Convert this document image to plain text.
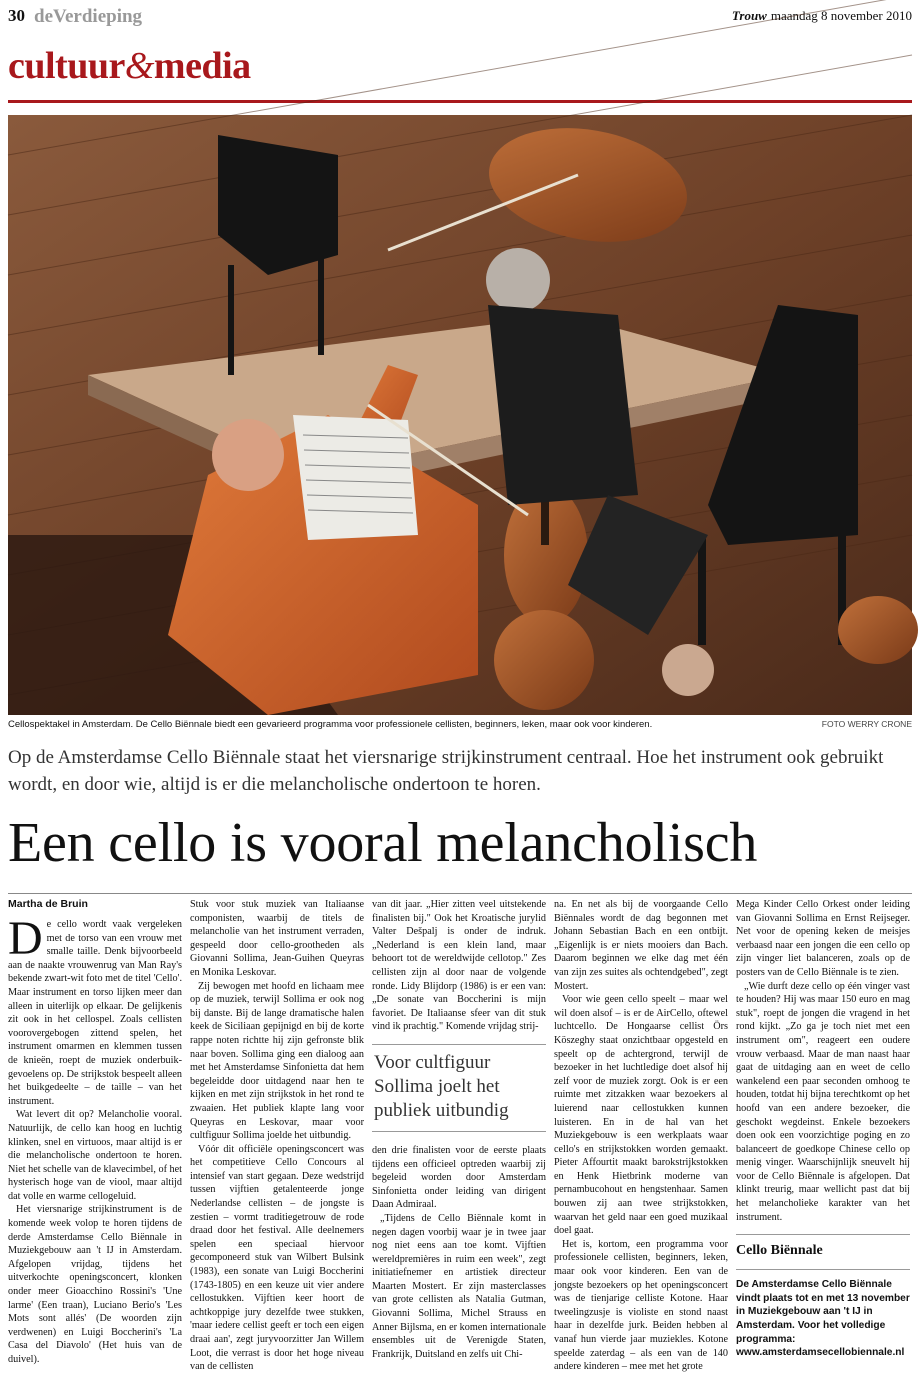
30 deVerdieping	Trouw maandag 8 november 2010
cultuur&media
Cellospektakel in Amsterdam. De Cello Biënnale biedt een gevarieerd programma voor professionele cellisten, beginners, leken, maar ook voor kinderen.	FOTO WERRY CRONE
Op de Amsterdamse Cello Biënnale staat het viersnarige strijkinstrument centraal. Hoe het instrument ook gebruikt wordt, en door wie, altijd is er die melancholische ondertoon te horen.
Een cello is vooral melancholisch
Martha de Bruin

De cello wordt vaak vergeleken met de torso van een vrouw met smalle taille. Denk bijvoorbeeld aan de naakte vrouwenrug van Man Ray's bekende zwart-wit foto met de titel 'Cello'. Maar instrument en torso lijken meer dan alleen in uiterlijk op elkaar. De gelijkenis zit ook in het cellospel. Zoals cellisten voorovergebogen zittend spelen, het instrument omarmen en klemmen tussen de knieën, roept de muziek onderbuikgevoelens op. De strijkstok bespeelt alleen het buikgedeelte – de taille – van het instrument.

Wat levert dit op? Melancholie vooral. Natuurlijk, de cello kan hoog en luchtig klinken, snel en virtuoos, maar altijd is er die melancholische ondertoon te horen. Niet het schelle van de klavecimbel, of het hysterisch hoge van de viool, maar altijd dat volle en warme cellogeluid.

Het viersnarige strijkinstrument is de komende week volop te horen tijdens de derde Amsterdamse Cello Biënnale in Muziekgebouw aan 't IJ in Amsterdam. Afgelopen vrijdag, tijdens het uitverkochte openingsconcert, klonken onder meer Gioacchino Rossini's 'Une larme' (Een traan), Luciano Berio's 'Les Mots sont allés' (De woorden zijn verdwenen) en Luigi Boccherini's 'La Casa del Diavolo' (Het huis van de duivel).

Stuk voor stuk muziek van Italiaanse componisten, waarbij de titels de melancholie van het instrument verraden, gespeeld door cello-grootheden als Giovanni Sollima, Jean-Guihen Queyras en Monika Leskovar.

Zij bewogen met hoofd en lichaam mee op de muziek, terwijl Sollima er ook nog bij danste. Bij de lange dramatische halen keek de Siciliaan gepijnigd en bij de korte rappe noten richtte hij zijn gefronste blik naar boven. Sollima ging een dialoog aan met het Amsterdamse Sinfonietta dat hem begeleidde door uitdagend naar hen te kijken en met zijn strijkstok in het rond te zwaaien. Het publiek klapte lang voor Queyras en Leskovar, maar voor cultfiguur Sollima joelde het uitbundig.

Vóór dit officiële openingsconcert was het competitieve Cello Concours al intensief van start gegaan. Deze wedstrijd tussen vijftien getalenteerde jonge Nederlandse cellisten – de jongste is zestien – vormt traditiegetrouw de rode draad door het festival. Alle deelnemers spelen een speciaal hiervoor gecomponeerd stuk van Wilbert Bulsink (1983), een sonate van Luigi Boccherini (1743-1805) en een keuze uit vier andere cellostukken. Vijftien keer hoort de achtkoppige jury dezelfde twee stukken, 'maar iedere cellist geeft er toch een eigen draai aan', zegt juryvoorzitter Jan Willem Loot, die verrast is door het hoge niveau van de cellisten

van dit jaar. „Hier zitten veel uitstekende finalisten bij." Ook het Kroatische jurylid Valter Dešpalj is onder de indruk. „Nederland is een klein land, maar behoort tot de wereldwijde cellotop." Zes cellisten zijn al door naar de volgende ronde. Lidy Blijdorp (1986) is er een van: „De sonate van Boccherini is mijn favoriet. De Italiaanse sfeer van dit stuk vind ik prachtig." Komende vrijdag strij-

Voor cultfiguur Sollima joelt het publiek uitbundig

den drie finalisten voor de eerste plaats tijdens een officieel optreden waarbij zij begeleid worden door Amsterdam Sinfonietta onder leiding van dirigent Daan Admiraal.

„Tijdens de Cello Biënnale komt in negen dagen voorbij waar je in twee jaar nog niet eens aan toe komt. Vijftien wereldpremières in ruim een week", zegt initiatiefnemer en artistiek directeur Maarten Mostert. Er zijn masterclasses van grote cellisten als Natalia Gutman, Giovanni Sollima, Michel Strauss en Anner Bijlsma, en er komen internationale ensembles uit de Verenigde Staten, Frankrijk, Duitsland en zelfs uit Chi-

na. En net als bij de voorgaande Cello Biënnales wordt de dag begonnen met Johann Sebastian Bach en een ontbijt. „Eigenlijk is er niets mooiers dan Bach. Daarom beginnen we elke dag met één van zijn zes suites als ochtendgebed", zegt Mostert.

Voor wie geen cello speelt – maar wel wil doen alsof – is er de AirCello, oftewel luchtcello. De Hongaarse cellist Örs Köszeghy staat onzichtbaar opgesteld en speelt op de achtergrond, terwijl de bezoeker in het luchtledige doet alsof hij zelf voor de muziek zorgt. Ook is er een ruimte met zitzakken waar bezoekers al luierend naar cellostukken kunnen luisteren. En in de hal van het Muziekgebouw is een werkplaats waar cello's en strijkstokken worden gemaakt. Pieter Affourtit maakt barokstrijkstokken en Henk Hietbrink moderne van pernambucohout en hengstenhaar. Samen bouwen zij aan twee strijkstokken, waarvan het geld naar een goed muzikaal doel gaat.

Het is, kortom, een programma voor professionele cellisten, beginners, leken, maar ook voor kinderen. Een van de jongste bezoekers op het openingsconcert was de tienjarige celliste Kotone. Haar tweelingzusje is violiste en stond naast haar in dezelfde jurk. Beiden hebben al vanaf hun vierde jaar muziekles. Kotone speelde zaterdag – als een van de 140 andere kinderen – mee met het grote

Mega Kinder Cello Orkest onder leiding van Giovanni Sollima en Ernst Reijseger. Net voor de opening keken de meisjes verbaasd naar een jongen die een cello op zijn vinger liet balanceren, zoals op de posters van de Cello Biënnale is te zien.

„Wie durft deze cello op één vinger vast te houden? Hij was maar 150 euro en mag stuk", roept de jongen die vragend in het rond kijkt. „Zo ga je toch niet met een instrument om", reageert een oudere vrouw verbaasd. Maar de man naast haar gaat de uitdaging aan en weet de cello wankelend een paar seconden omhoog te houden, totdat hij bijna terechtkomt op het hoofd van een andere bezoeker, die geschokt wegdeinst. Enkele bezoekers doen ook een voorzichtige poging en zo balanceert de goedkope Chinese cello op menig vinger. Waarschijnlijk sneuvelt hij voor de Cello Biënnale is afgelopen. Dat klinkt treurig, maar wellicht past dat bij het melancholieke karakter van het instrument.

Cello Biënnale
De Amsterdamse Cello Biënnale vindt plaats tot en met 13 november in Muziekgebouw aan 't IJ in Amsterdam. Voor het volledige programma: www.amsterdamsecellobiennale.nl
